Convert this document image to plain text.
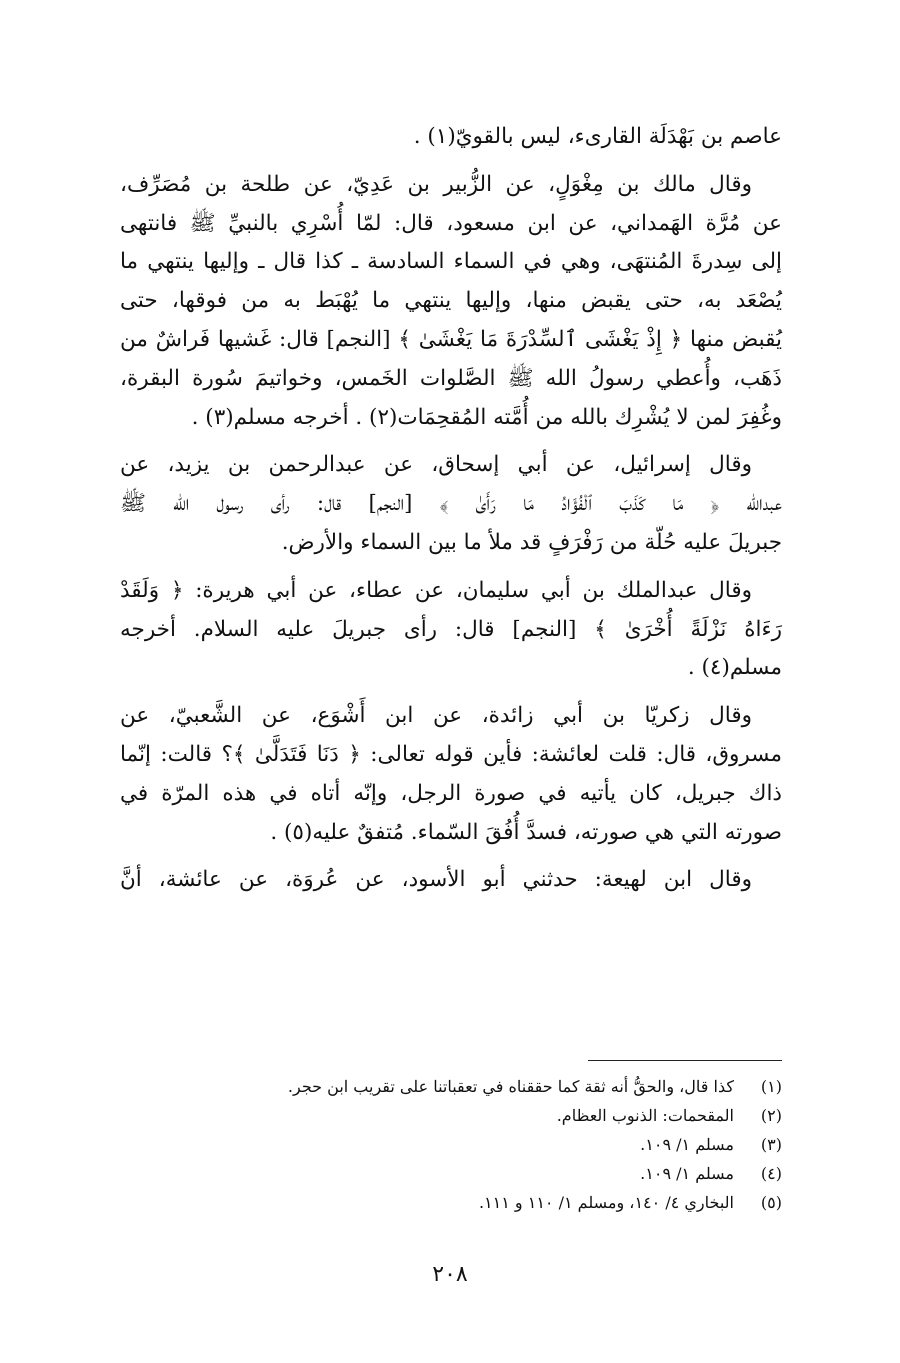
عاصم بن بَهْدَلَة القارىء، ليس بالقويّ(١) .
وقال مالك بن مِغْوَلٍ، عن الزُّبير بن عَدِيّ، عن طلحة بن مُصَرِّف،
عن مُرَّة الهَمداني، عن ابن مسعود، قال: لمّا أُسْرِي بالنبيِّ ﷺ فانتهى
إلى سِدرةَ المُنتهَى، وهي في السماء السادسة ـ كذا قال ـ وإليها ينتهي ما
يُصْعَد به، حتى يقبض منها، وإليها ينتهي ما يُهْبَط به من فوقها، حتى
يُقبض منها ﴿ إِذْ يَغْشَى ٱلسِّدْرَةَ مَا يَغْشَىٰ ﴾ [النجم] قال: غَشيها فَراشٌ من
ذَهَب، وأُعطي رسولُ الله ﷺ الصَّلوات الخَمس، وخواتيمَ سُورة البقرة،
وغُفِرَ لمن لا يُشْرِك بالله من أُمَّته المُقحِمَات(٢) . أخرجه مسلم(٣) .
وقال إسرائيل، عن أبي إسحاق، عن عبدالرحمن بن يزيد، عن
عبدالله ﴿ مَا كَذَبَ ٱلْفُؤَادُ مَا رَأَىٰ ﴾ [النجم] قال: رأى رسول الله ﷺ
جبريلَ عليه حُلّة من رَفْرَفٍ قد ملأ ما بين السماء والأرض.
وقال عبدالملك بن أبي سليمان، عن عطاء، عن أبي هريرة: ﴿ وَلَقَدْ
رَءَاهُ نَزْلَةً أُخْرَىٰ ﴾ [النجم] قال: رأى جبريلَ عليه السلام. أخرجه
مسلم(٤) .
وقال زكريّا بن أبي زائدة، عن ابن أَشْوَع، عن الشَّعبيّ، عن
مسروق، قال: قلت لعائشة: فأين قوله تعالى: ﴿ دَنَا فَتَدَلَّىٰ ﴾؟ قالت: إنّما
ذاك جبريل، كان يأتيه في صورة الرجل، وإنّه أتاه في هذه المرّة في
صورته التي هي صورته، فسدَّ أُفُقَ السّماء. مُتفقٌ عليه(٥) .
وقال ابن لهيعة: حدثني أبو الأسود، عن عُروَة، عن عائشة، أنَّ
(١)
كذا قال، والحقُّ أنه ثقة كما حققناه في تعقباتنا على تقريب ابن حجر.
(٢)
المقحمات: الذنوب العظام.
(٣)
مسلم ١/ ١٠٩.
(٤)
مسلم ١/ ١٠٩.
(٥)
البخاري ٤/ ١٤٠، ومسلم ١/ ١١٠ و ١١١.
٢٠٨
